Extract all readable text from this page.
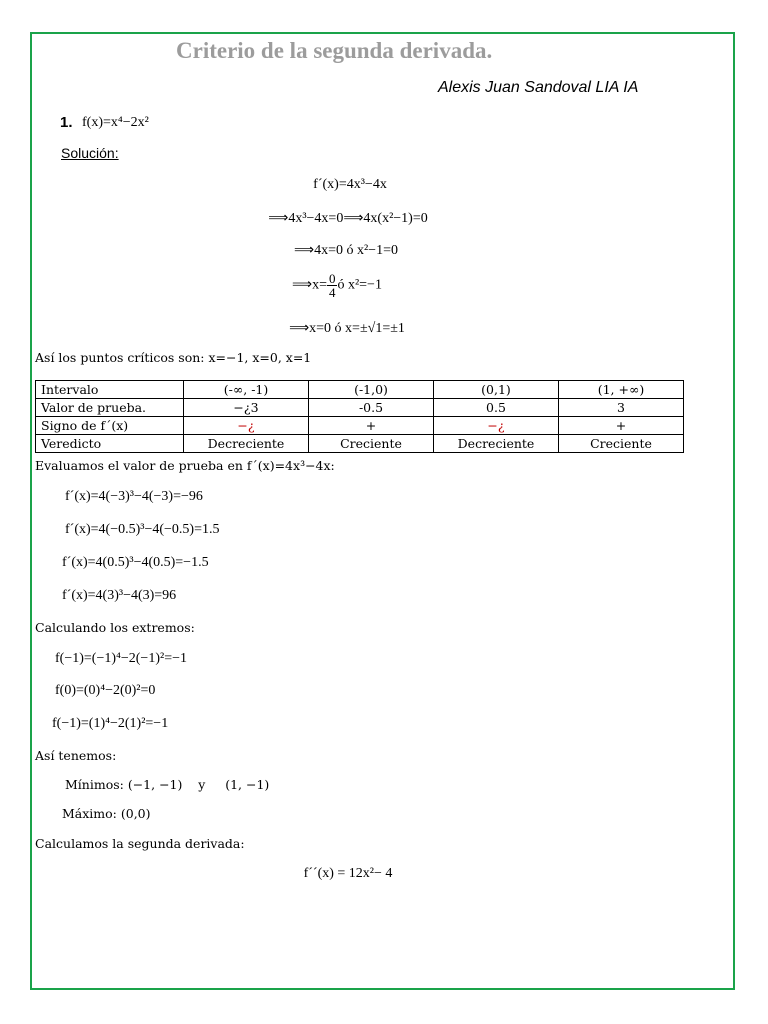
Criterio de la segunda derivada.
Alexis Juan Sandoval LIA IA
1. f(x)=x⁴−2x²
Solución:
f´(x)=4x³−4x
⟹4x³−4x=0⟹4x(x²−1)=0
⟹4x=0 ó x²−1=0
⟹x= $\frac{0}{4}$ ó x²=−1
⟹x=0 ó x=±√1=±1
Así los puntos críticos son: x=−1, x=0, x=1
Intervalo	(-∞, -1)	(-1,0)	(0,1)	(1, +∞)
Valor de prueba.	−¿3	-0.5	0.5	3
Signo de f´(x)	−¿	+	−¿	+
Veredicto	Decreciente	Creciente	Decreciente	Creciente
Evaluamos el valor de prueba en f´(x)=4x³−4x:
f´(x)=4(−3)³−4(−3)=−96
f´(x)=4(−0.5)³−4(−0.5)=1.5
f´(x)=4(0.5)³−4(0.5)=−1.5
f´(x)=4(3)³−4(3)=96
Calculando los extremos:
f(−1)=(−1)⁴−2(−1)²=−1
f(0)=(0)⁴−2(0)²=0
f(−1)=(1)⁴−2(1)²=−1
Así tenemos:
Mínimos: (−1, −1)    y     (1, −1)
Máximo: (0,0)
Calculamos la segunda derivada:
f´´(x) = 12x²− 4
